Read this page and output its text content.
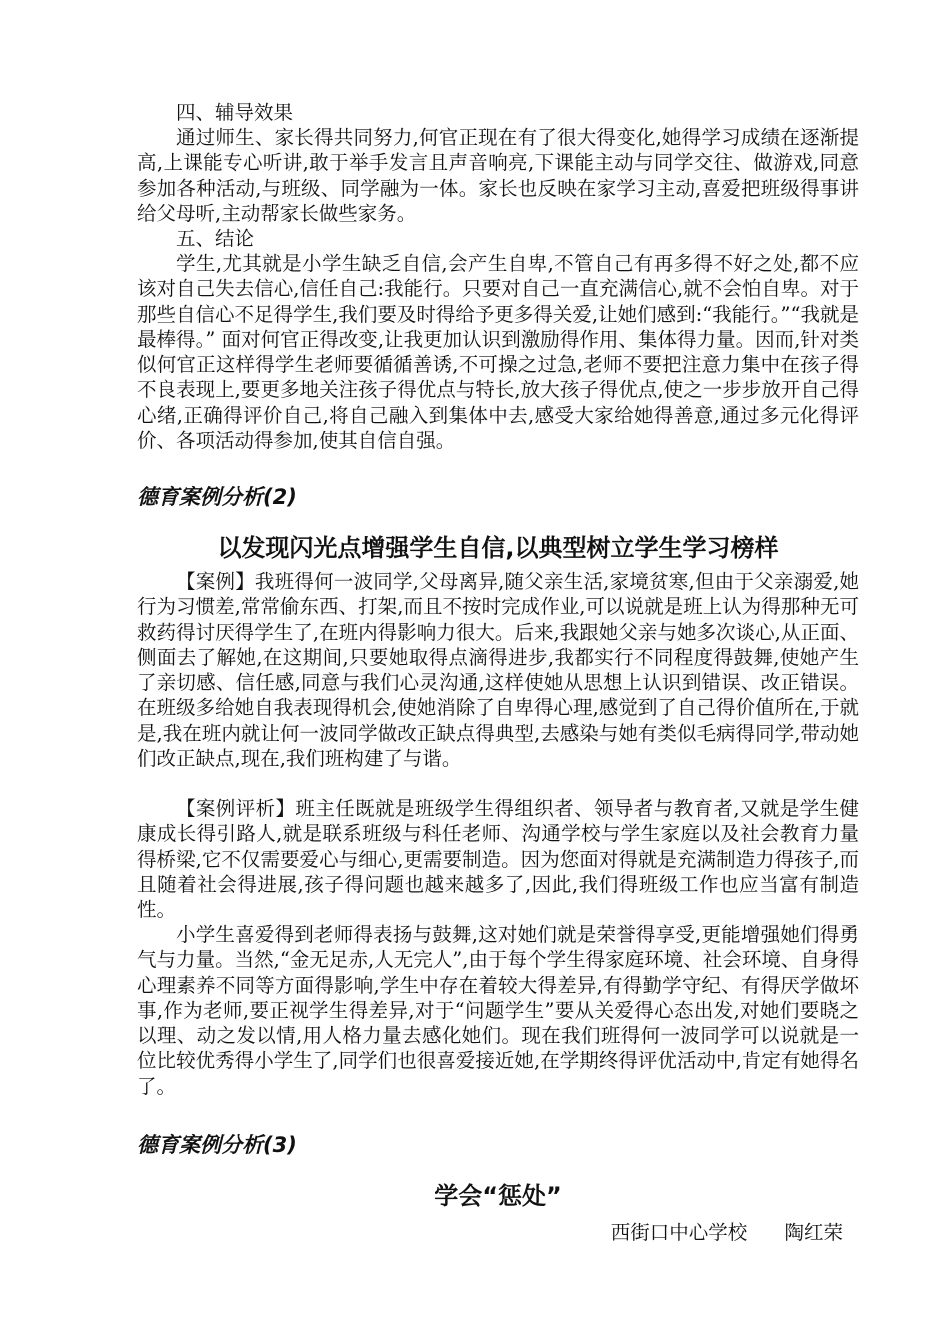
四、辅导效果

通过师生、家长得共同努力,何官正现在有了很大得变化,她得学习成绩在逐渐提高,上课能专心听讲,敢于举手发言且声音响亮,下课能主动与同学交往、做游戏,同意参加各种活动,与班级、同学融为一体。家长也反映在家学习主动,喜爱把班级得事讲给父母听,主动帮家长做些家务。

五、结论

学生,尤其就是小学生缺乏自信,会产生自卑,不管自己有再多得不好之处,都不应该对自己失去信心,信任自己:我能行。只要对自己一直充满信心,就不会怕自卑。对于那些自信心不足得学生,我们要及时得给予更多得关爱,让她们感到:“我能行。”“我就是最棒得。” 面对何官正得改变,让我更加认识到激励得作用、集体得力量。因而,针对类似何官正这样得学生老师要循循善诱,不可操之过急,老师不要把注意力集中在孩子得不良表现上,要更多地关注孩子得优点与特长,放大孩子得优点,使之一步步放开自己得心绪,正确得评价自己,将自己融入到集体中去,感受大家给她得善意,通过多元化得评价、各项活动得参加,使其自信自强。

德育案例分析(2)

以发现闪光点增强学生自信,以典型树立学生学习榜样

【案例】我班得何一波同学,父母离异,随父亲生活,家境贫寒,但由于父亲溺爱,她行为习惯差,常常偷东西、打架,而且不按时完成作业,可以说就是班上认为得那种无可救药得讨厌得学生了,在班内得影响力很大。后来,我跟她父亲与她多次谈心,从正面、侧面去了解她,在这期间,只要她取得点滴得进步,我都实行不同程度得鼓舞,使她产生了亲切感、信任感,同意与我们心灵沟通,这样使她从思想上认识到错误、改正错误。在班级多给她自我表现得机会,使她消除了自卑得心理,感觉到了自己得价值所在,于就是,我在班内就让何一波同学做改正缺点得典型,去感染与她有类似毛病得同学,带动她们改正缺点,现在,我们班构建了与谐。

【案例评析】班主任既就是班级学生得组织者、领导者与教育者,又就是学生健康成长得引路人,就是联系班级与科任老师、沟通学校与学生家庭以及社会教育力量得桥梁,它不仅需要爱心与细心,更需要制造。因为您面对得就是充满制造力得孩子,而且随着社会得进展,孩子得问题也越来越多了,因此,我们得班级工作也应当富有制造性。

小学生喜爱得到老师得表扬与鼓舞,这对她们就是荣誉得享受,更能增强她们得勇气与力量。当然,“金无足赤,人无完人”,由于每个学生得家庭环境、社会环境、自身得心理素养不同等方面得影响,学生中存在着较大得差异,有得勤学守纪、有得厌学做坏事,作为老师,要正视学生得差异,对于“问题学生”要从关爱得心态出发,对她们要晓之以理、动之发以情,用人格力量去感化她们。现在我们班得何一波同学可以说就是一位比较优秀得小学生了,同学们也很喜爱接近她,在学期终得评优活动中,肯定有她得名了。

德育案例分析(3)

学会“惩处”

西街口中心学校      陶红荣
